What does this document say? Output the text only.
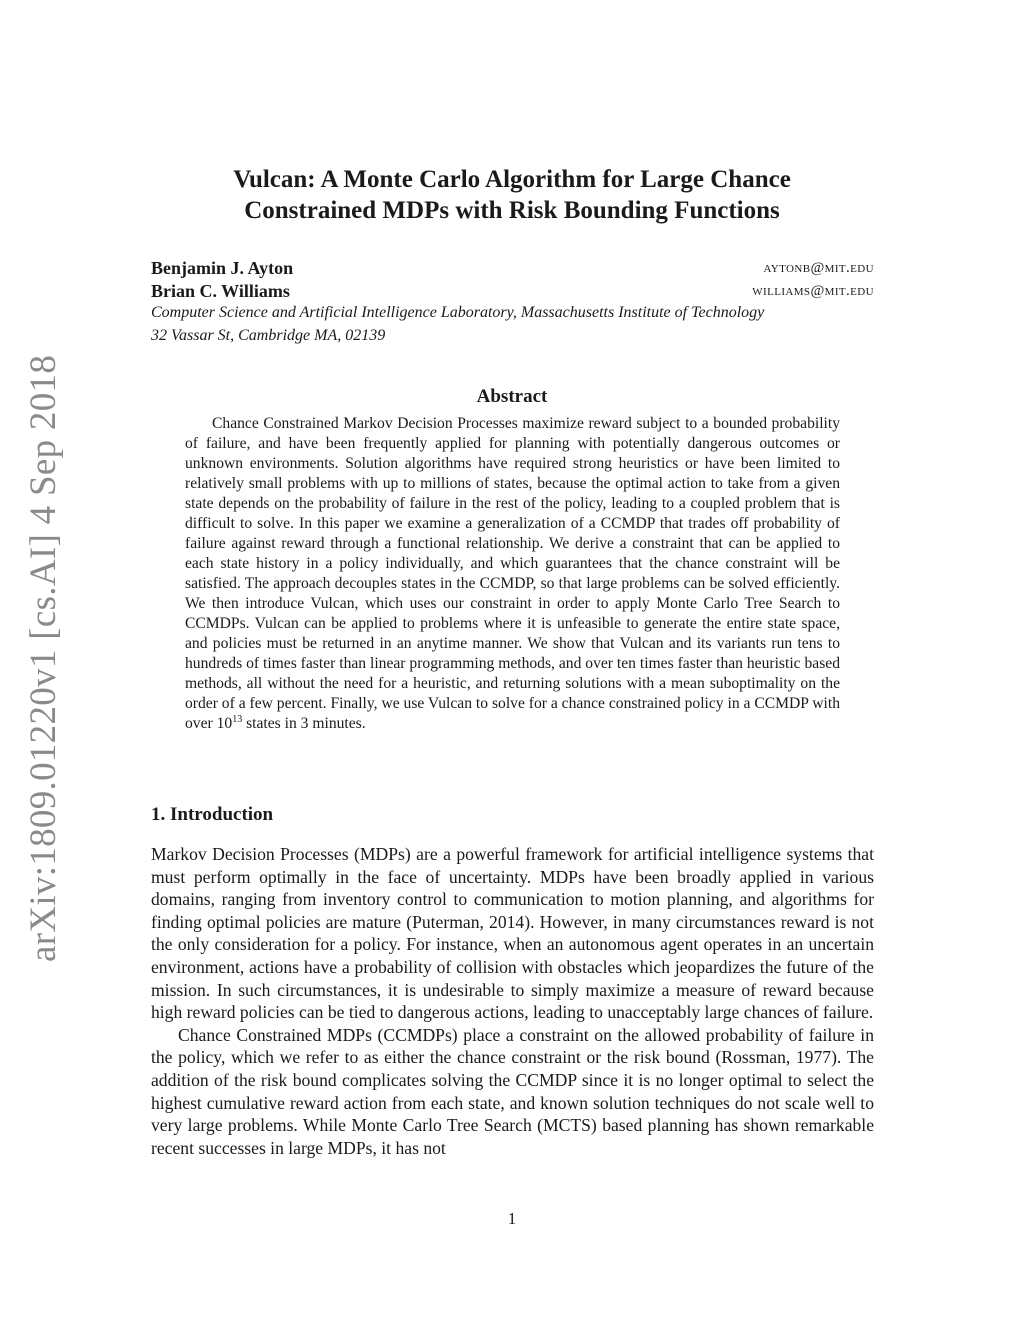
arXiv:1809.01220v1 [cs.AI] 4 Sep 2018
Vulcan: A Monte Carlo Algorithm for Large Chance
Constrained MDPs with Risk Bounding Functions
Benjamin J. Ayton	aytonb@mit.edu
Brian C. Williams	williams@mit.edu
Computer Science and Artificial Intelligence Laboratory, Massachusetts Institute of Technology
32 Vassar St, Cambridge MA, 02139
Abstract

Chance Constrained Markov Decision Processes maximize reward subject to a bounded probability of failure, and have been frequently applied for planning with potentially dangerous outcomes or unknown environments. Solution algorithms have required strong heuristics or have been limited to relatively small problems with up to millions of states, because the optimal action to take from a given state depends on the probability of failure in the rest of the policy, leading to a coupled problem that is difficult to solve. In this paper we examine a generalization of a CCMDP that trades off probability of failure against reward through a functional relationship. We derive a constraint that can be applied to each state history in a policy individually, and which guarantees that the chance constraint will be satisfied. The approach decouples states in the CCMDP, so that large problems can be solved efficiently. We then introduce Vulcan, which uses our constraint in order to apply Monte Carlo Tree Search to CCMDPs. Vulcan can be applied to problems where it is unfeasible to generate the entire state space, and policies must be returned in an anytime manner. We show that Vulcan and its variants run tens to hundreds of times faster than linear programming methods, and over ten times faster than heuristic based methods, all without the need for a heuristic, and returning solutions with a mean suboptimality on the order of a few percent. Finally, we use Vulcan to solve for a chance constrained policy in a CCMDP with over $10^{13}$ states in 3 minutes.

1. Introduction

Markov Decision Processes (MDPs) are a powerful framework for artificial intelligence systems that must perform optimally in the face of uncertainty. MDPs have been broadly applied in various domains, ranging from inventory control to communication to motion planning, and algorithms for finding optimal policies are mature (Puterman, 2014). However, in many circumstances reward is not the only consideration for a policy. For instance, when an autonomous agent operates in an uncertain environment, actions have a probability of collision with obstacles which jeopardizes the future of the mission. In such circumstances, it is undesirable to simply maximize a measure of reward because high reward policies can be tied to dangerous actions, leading to unacceptably large chances of failure.

Chance Constrained MDPs (CCMDPs) place a constraint on the allowed probability of failure in the policy, which we refer to as either the chance constraint or the risk bound (Rossman, 1977). The addition of the risk bound complicates solving the CCMDP since it is no longer optimal to select the highest cumulative reward action from each state, and known solution techniques do not scale well to very large problems. While Monte Carlo Tree Search (MCTS) based planning has shown remarkable recent successes in large MDPs, it has not

1
